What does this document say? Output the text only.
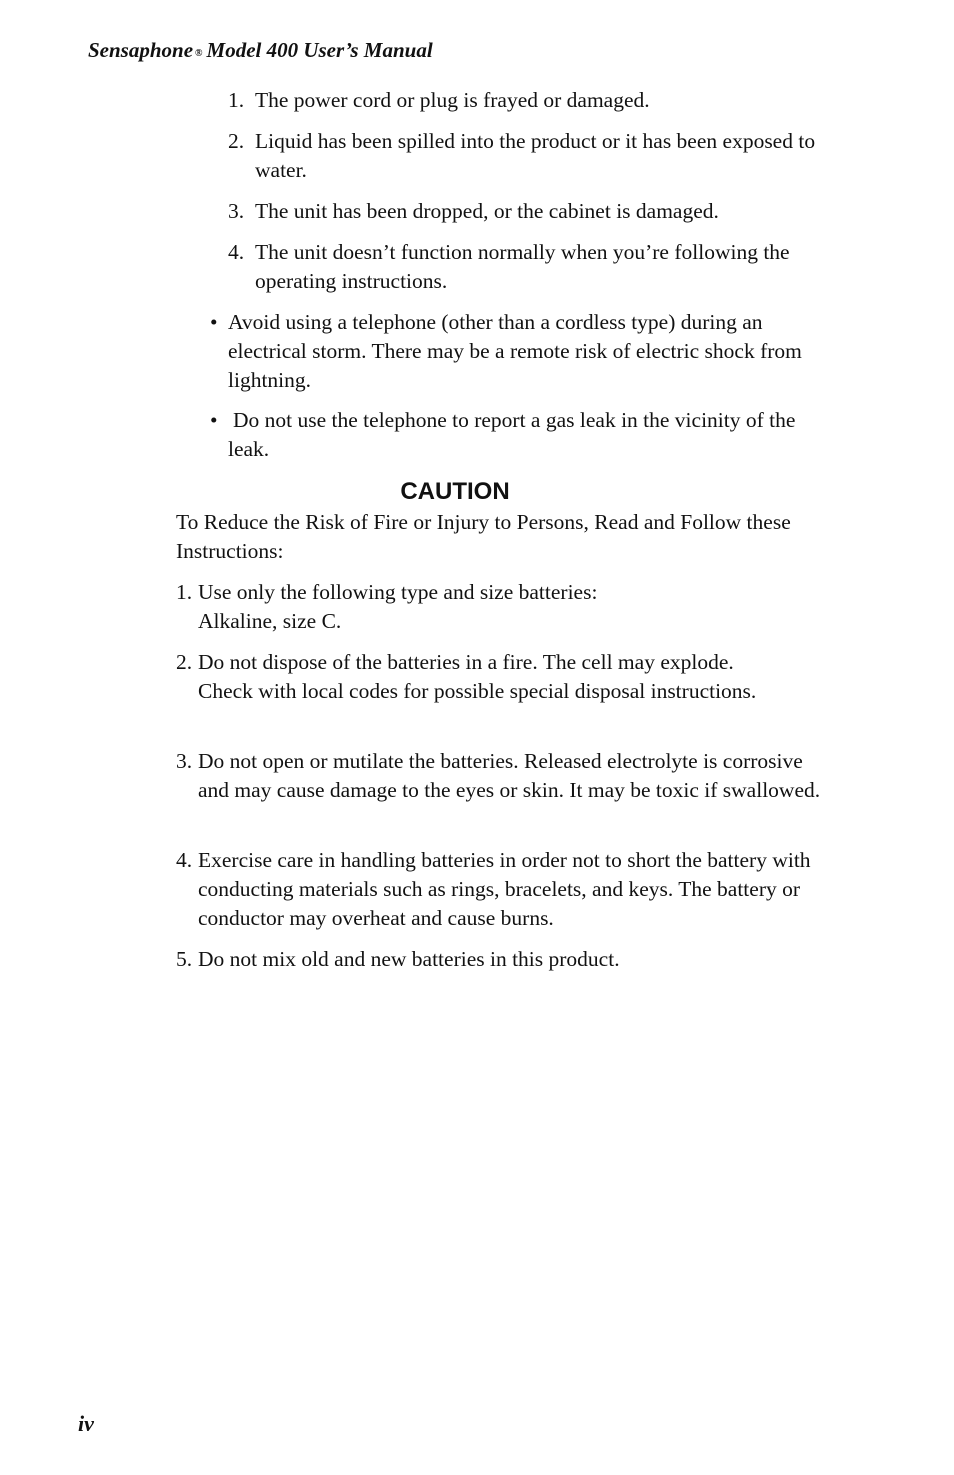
Sensaphone ® Model 400 User’s Manual
1. The power cord or plug is frayed or damaged.
2. Liquid has been spilled into the product or it has been exposed to water.
3. The unit has been dropped, or the cabinet is damaged.
4. The unit doesn’t function normally when you’re following the operating instructions.
• Avoid using a telephone (other than a cordless type) during an electrical storm. There may be a remote risk of electric shock from lightning.
• Do not use the telephone to report a gas leak in the vicinity of the leak.
CAUTION
To Reduce the Risk of Fire or Injury to Persons, Read and Follow these Instructions:
1. Use only the following type and size batteries:
Alkaline, size C.
2. Do not dispose of the batteries in a fire. The cell may explode. Check with local codes for possible special disposal instructions.
3. Do not open or mutilate the batteries. Released electrolyte is corrosive and may cause damage to the eyes or skin. It may be toxic if swallowed.
4. Exercise care in handling batteries in order not to short the battery with conducting materials such as rings, bracelets, and keys. The battery or conductor may overheat and cause burns.
5. Do not mix old and new batteries in this product.
iv
